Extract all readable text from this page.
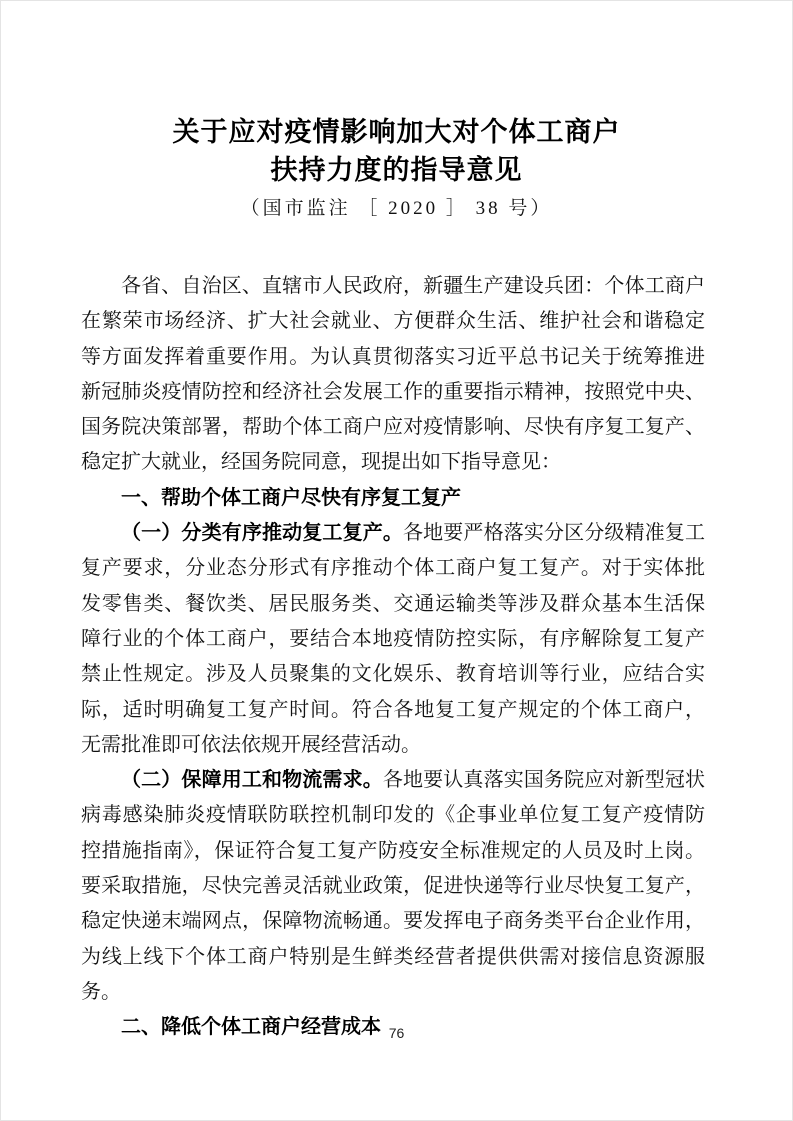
关于应对疫情影响加大对个体工商户
扶持力度的指导意见
（国市监注 ［ 2020 ］ 38 号）
各省、自治区、直辖市人民政府，新疆生产建设兵团：个体工商户
在繁荣市场经济、扩大社会就业、方便群众生活、维护社会和谐稳定
等方面发挥着重要作用。为认真贯彻落实习近平总书记关于统筹推进
新冠肺炎疫情防控和经济社会发展工作的重要指示精神，按照党中央、
国务院决策部署，帮助个体工商户应对疫情影响、尽快有序复工复产、
稳定扩大就业，经国务院同意，现提出如下指导意见：
一、帮助个体工商户尽快有序复工复产
（一）分类有序推动复工复产。各地要严格落实分区分级精准复工
复产要求，分业态分形式有序推动个体工商户复工复产。对于实体批
发零售类、餐饮类、居民服务类、交通运输类等涉及群众基本生活保
障行业的个体工商户，要结合本地疫情防控实际，有序解除复工复产
禁止性规定。涉及人员聚集的文化娱乐、教育培训等行业，应结合实
际，适时明确复工复产时间。符合各地复工复产规定的个体工商户，
无需批准即可依法依规开展经营活动。
（二）保障用工和物流需求。各地要认真落实国务院应对新型冠状
病毒感染肺炎疫情联防联控机制印发的《企事业单位复工复产疫情防
控措施指南》，保证符合复工复产防疫安全标准规定的人员及时上岗。
要采取措施，尽快完善灵活就业政策，促进快递等行业尽快复工复产，
稳定快递末端网点，保障物流畅通。要发挥电子商务类平台企业作用，
为线上线下个体工商户特别是生鲜类经营者提供供需对接信息资源服
务。
二、降低个体工商户经营成本 76
